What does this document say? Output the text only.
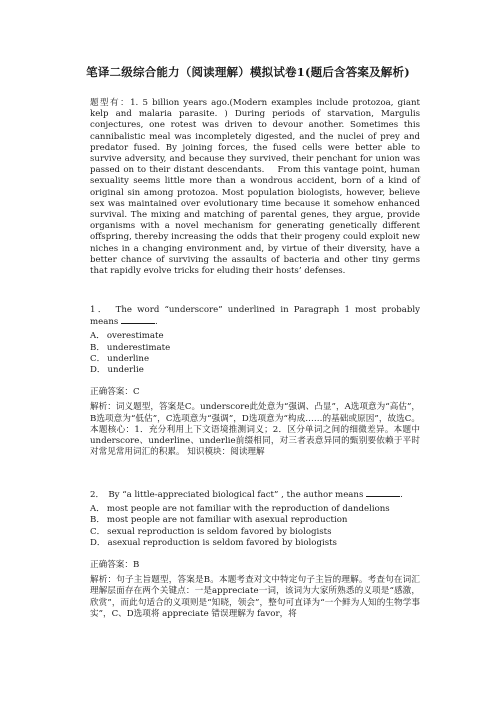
笔译二级综合能力（阅读理解）模拟试卷1(题后含答案及解析)

题型有：1. 5 billion years ago.(Modern examples include protozoa, giant kelp and malaria parasite. ) During periods of starvation, Margulis conjectures, one rotest was driven to devour another. Sometimes this cannibalistic meal was incompletely digested, and the nuclei of prey and predator fused. By joining forces, the fused cells were better able to survive adversity, and because they survived, their penchant for union was passed on to their distant descendants.　 From this vantage point, human sexuality seems little more than a wondrous accident, born of a kind of original sin among protozoa. Most population biologists, however, believe sex was maintained over evolutionary time because it somehow enhanced survival. The mixing and matching of parental genes, they argue, provide organisms with a novel mechanism for generating genetically different offspring, thereby increasing the odds that their progeny could exploit new niches in a changing environment and, by virtue of their diversity, have a better chance of surviving the assaults of bacteria and other tiny germs that rapidly evolve tricks for eluding their hosts’ defenses.

1．　The word “underscore” underlined in Paragraph 1 most probably means	.

A． overestimate
B． underestimate
C． underline
D． underlie

正确答案：C

解析：词义题型，答案是C。underscore此处意为“强调、凸显”，A选项意为“高估”，B选项意为“低估”，C选项意为“强调”，D选项意为“构成……的基础或原因”，故选C。本题核心：1．充分利用上下文语境推测词义；2．区分单词之间的细微差异。本题中underscore、underline、underlie前缀相同，对三者表意异同的甄别要依赖于平时对常见常用词汇的积累。 知识模块：阅读理解

2．　By “a little-appreciated biological fact” , the author means	.

A． most people are not familiar with the reproduction of dandelions
B． most people are not familiar with asexual reproduction
C． sexual reproduction is seldom favored by biologists
D． asexual reproduction is seldom favored by biologists

正确答案：B

解析：句子主旨题型，答案是B。本题考查对文中特定句子主旨的理解。考查句在词汇理解层面存在两个关键点：一是appreciate一词，该词为大家所熟悉的义项是“感激，欣赏”，而此句适合的义项则是“知晓，领会”，整句可直译为“一个鲜为人知的生物学事实”，C、D选项将 appreciate 错误理解为 favor，将
